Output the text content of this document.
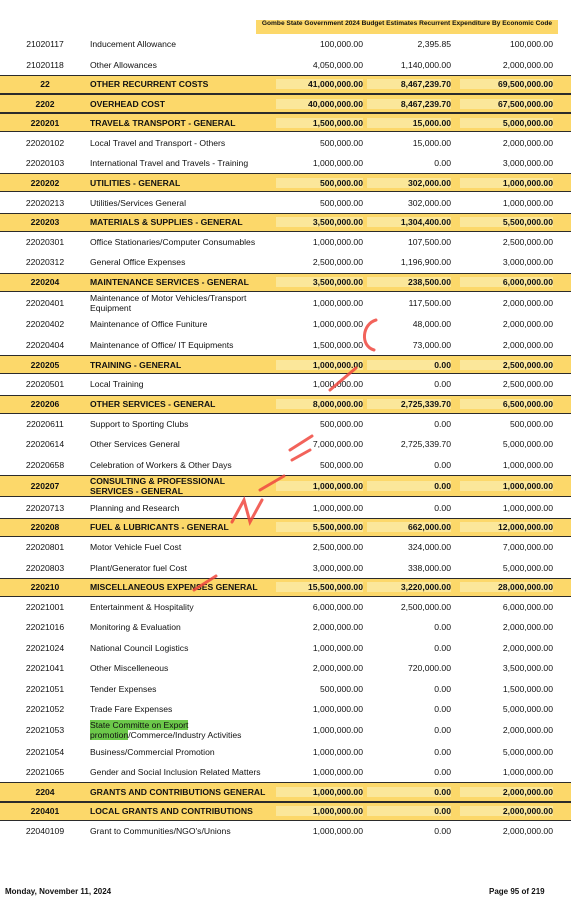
Gombe State Government 2024 Budget Estimates Recurrent Expenditure By Economic Code
21020117	Inducement Allowance	100,000.00	2,395.85	100,000.00
21020118	Other Allowances	4,050,000.00	1,140,000.00	2,000,000.00
22	OTHER RECURRENT COSTS	41,000,000.00	8,467,239.70	69,500,000.00
2202	OVERHEAD COST	40,000,000.00	8,467,239.70	67,500,000.00
220201	TRAVEL& TRANSPORT - GENERAL	1,500,000.00	15,000.00	5,000,000.00
22020102	Local Travel and Transport - Others	500,000.00	15,000.00	2,000,000.00
22020103	International Travel and Travels - Training	1,000,000.00	0.00	3,000,000.00
220202	UTILITIES - GENERAL	500,000.00	302,000.00	1,000,000.00
22020213	Utilities/Services General	500,000.00	302,000.00	1,000,000.00
220203	MATERIALS & SUPPLIES - GENERAL	3,500,000.00	1,304,400.00	5,500,000.00
22020301	Office Stationaries/Computer Consumables	1,000,000.00	107,500.00	2,500,000.00
22020312	General Office Expenses	2,500,000.00	1,196,900.00	3,000,000.00
220204	MAINTENANCE SERVICES - GENERAL	3,500,000.00	238,500.00	6,000,000.00
22020401	Maintenance of Motor Vehicles/Transport Equipment	1,000,000.00	117,500.00	2,000,000.00
22020402	Maintenance of Office Funiture	1,000,000.00	48,000.00	2,000,000.00
22020404	Maintenance of Office/ IT Equipments	1,500,000.00	73,000.00	2,000,000.00
220205	TRAINING - GENERAL	1,000,000.00	0.00	2,500,000.00
22020501	Local Training	1,000,000.00	0.00	2,500,000.00
220206	OTHER SERVICES - GENERAL	8,000,000.00	2,725,339.70	6,500,000.00
22020611	Support to Sporting Clubs	500,000.00	0.00	500,000.00
22020614	Other Services General	7,000,000.00	2,725,339.70	5,000,000.00
22020658	Celebration of Workers & Other Days	500,000.00	0.00	1,000,000.00
220207	CONSULTING & PROFESSIONAL SERVICES - GENERAL	1,000,000.00	0.00	1,000,000.00
22020713	Planning and Research	1,000,000.00	0.00	1,000,000.00
220208	FUEL & LUBRICANTS - GENERAL	5,500,000.00	662,000.00	12,000,000.00
22020801	Motor Vehicle Fuel Cost	2,500,000.00	324,000.00	7,000,000.00
22020803	Plant/Generator fuel Cost	3,000,000.00	338,000.00	5,000,000.00
220210	MISCELLANEOUS EXPENSES GENERAL	15,500,000.00	3,220,000.00	28,000,000.00
22021001	Entertainment & Hospitality	6,000,000.00	2,500,000.00	6,000,000.00
22021016	Monitoring & Evaluation	2,000,000.00	0.00	2,000,000.00
22021024	National Council Logistics	1,000,000.00	0.00	2,000,000.00
22021041	Other Miscelleneous	2,000,000.00	720,000.00	3,500,000.00
22021051	Tender Expenses	500,000.00	0.00	1,500,000.00
22021052	Trade Fare Expenses	1,000,000.00	0.00	5,000,000.00
22021053	State Committe on Export promotion/Commerce/Industry Activities	1,000,000.00	0.00	2,000,000.00
22021054	Business/Commercial Promotion	1,000,000.00	0.00	5,000,000.00
22021065	Gender and Social Inclusion Related Matters	1,000,000.00	0.00	1,000,000.00
2204	GRANTS AND CONTRIBUTIONS GENERAL	1,000,000.00	0.00	2,000,000.00
220401	LOCAL GRANTS AND CONTRIBUTIONS	1,000,000.00	0.00	2,000,000.00
22040109	Grant to Communities/NGO's/Unions	1,000,000.00	0.00	2,000,000.00
Monday, November 11, 2024	Page 95 of 219
